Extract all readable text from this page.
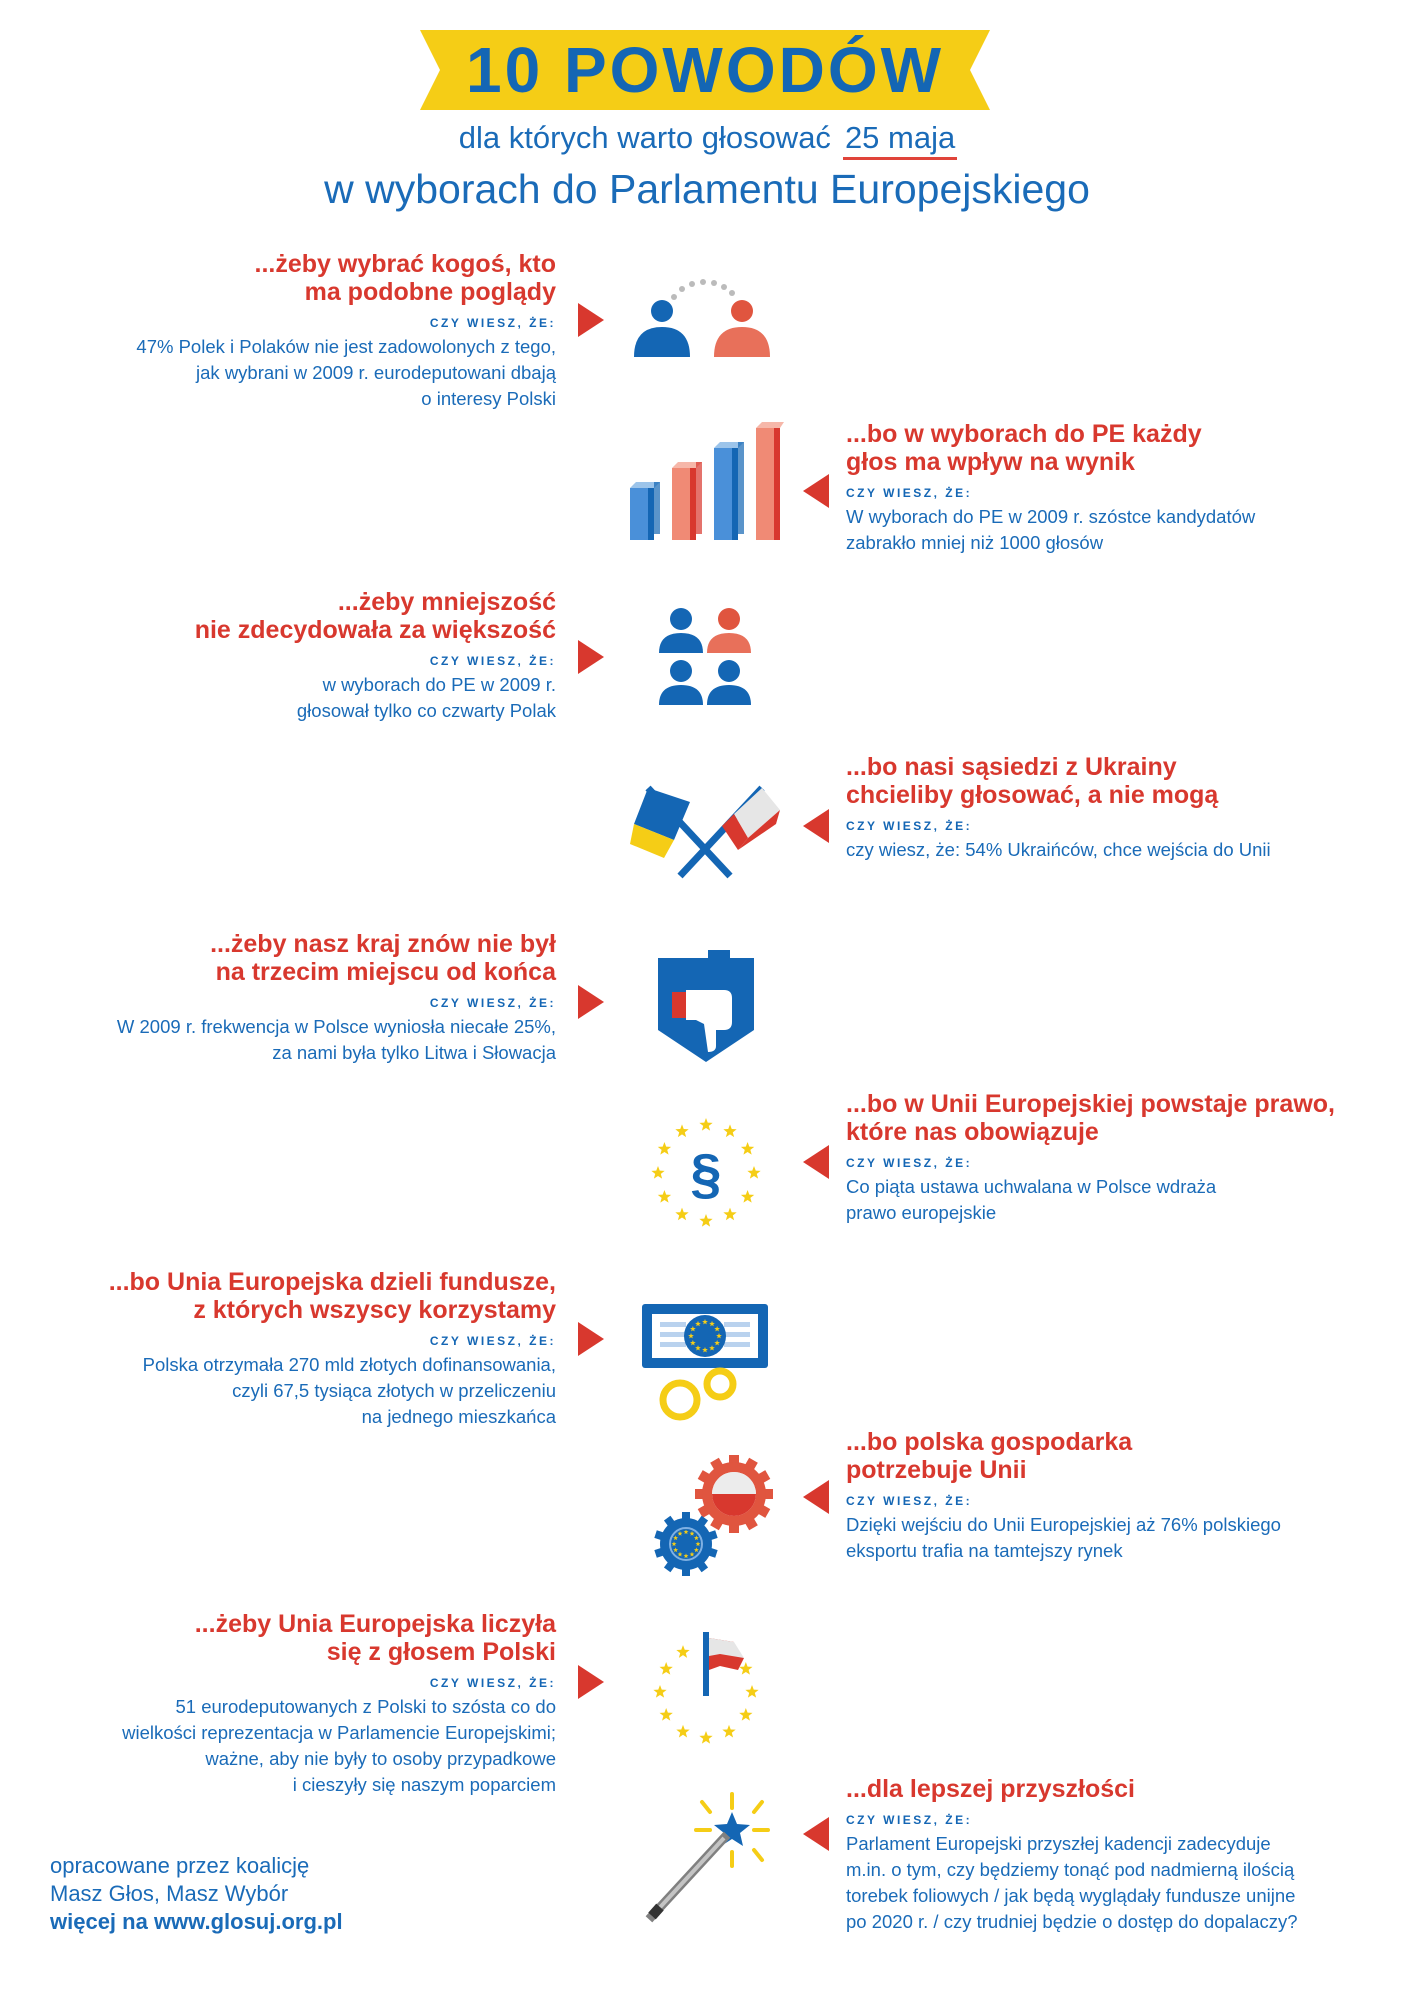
10 POWODÓW
dla których warto głosować 25 maja
w wyborach do Parlamentu Europejskiego
...żeby wybrać kogoś, kto
ma podobne poglądy
CZY WIESZ, ŻE:
47% Polek i Polaków nie jest zadowolonych z tego,
jak wybrani w 2009 r. eurodeputowani dbają
o interesy Polski
...bo w wyborach do PE każdy
głos ma wpływ na wynik
CZY WIESZ, ŻE:
W wyborach do PE w 2009 r. szóstce kandydatów
zabrakło mniej niż 1000 głosów
...żeby mniejszość
nie zdecydowała za większość
CZY WIESZ, ŻE:
w wyborach do PE w 2009 r.
głosował tylko co czwarty Polak
...bo nasi sąsiedzi z Ukrainy
chcieliby głosować, a nie mogą
CZY WIESZ, ŻE:
czy wiesz, że: 54% Ukraińców, chce wejścia do Unii
...żeby nasz kraj znów nie był
na trzecim miejscu od końca
CZY WIESZ, ŻE:
W 2009 r. frekwencja w Polsce wyniosła niecałe 25%,
za nami była tylko Litwa i Słowacja
...bo w Unii Europejskiej powstaje prawo,
które nas obowiązuje
CZY WIESZ, ŻE:
Co piąta ustawa uchwalana w Polsce wdraża
prawo europejskie
§
...bo Unia Europejska dzieli fundusze,
z których wszyscy korzystamy
CZY WIESZ, ŻE:
Polska otrzymała 270 mld złotych dofinansowania,
czyli 67,5 tysiąca złotych w przeliczeniu
na jednego mieszkańca
...bo polska gospodarka
potrzebuje Unii
CZY WIESZ, ŻE:
Dzięki wejściu do Unii Europejskiej aż 76% polskiego
eksportu trafia na tamtejszy rynek
...żeby Unia Europejska liczyła
się z głosem Polski
CZY WIESZ, ŻE:
51 eurodeputowanych z Polski to szósta co do
wielkości reprezentacja w Parlamencie Europejskimi;
ważne, aby nie były to osoby przypadkowe
i cieszyły się naszym poparciem	...dla lepszej przyszłości
CZY WIESZ, ŻE:
Parlament Europejski przyszłej kadencji zadecyduje
m.in. o tym, czy będziemy tonąć pod nadmierną ilością
torebek foliowych / jak będą wyglądały fundusze unijne
po 2020 r. / czy trudniej będzie o dostęp do dopalaczy?
opracowane przez koalicję
Masz Głos, Masz Wybór
więcej na www.glosuj.org.pl
